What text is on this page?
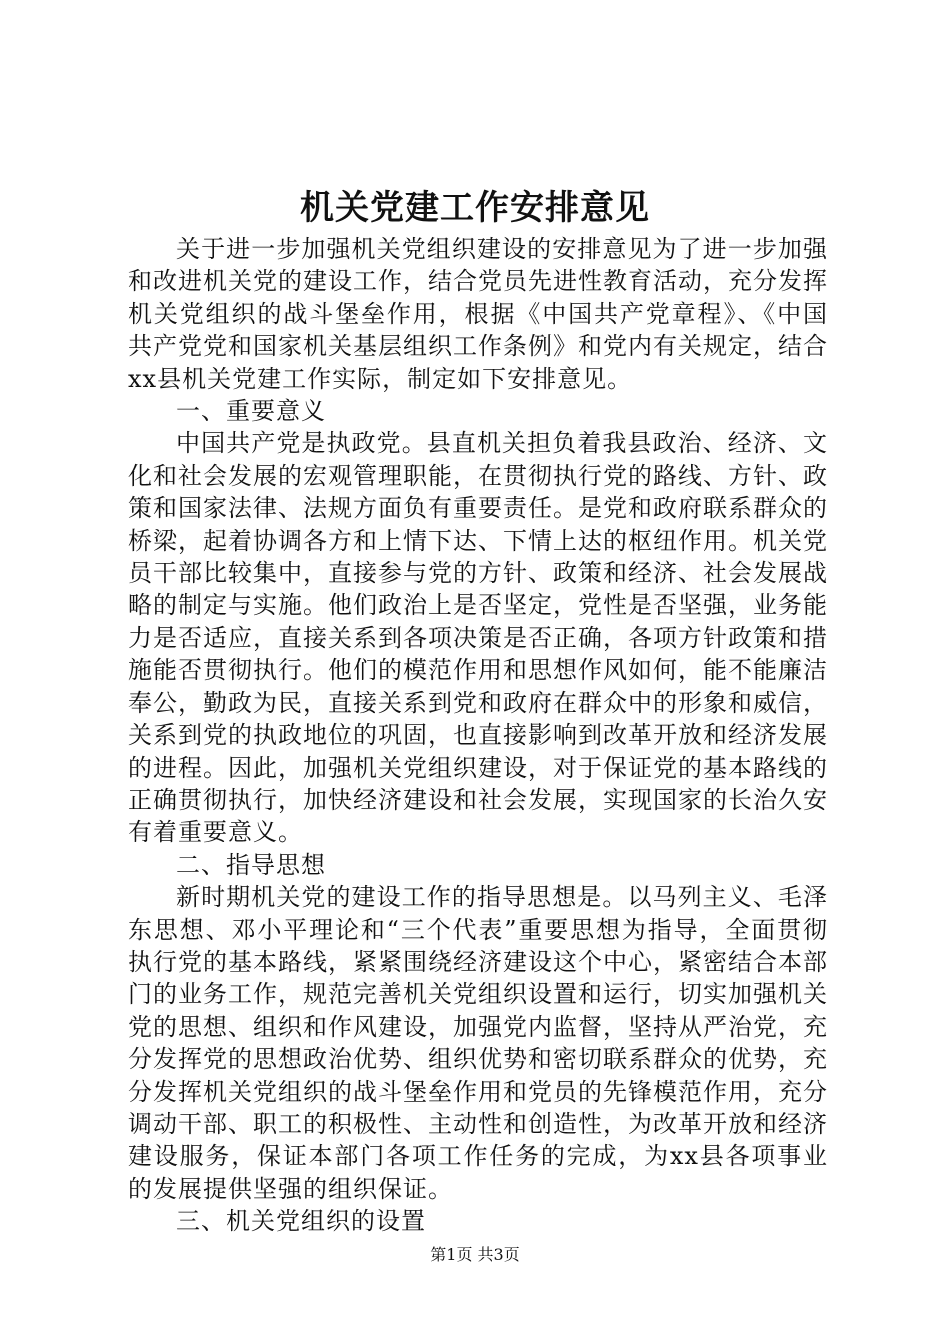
机关党建工作安排意见

关于进一步加强机关党组织建设的安排意见为了进一步加强和改进机关党的建设工作，结合党员先进性教育活动，充分发挥机关党组织的战斗堡垒作用，根据《中国共产党章程》、《中国共产党党和国家机关基层组织工作条例》和党内有关规定，结合xx县机关党建工作实际，制定如下安排意见。

一、重要意义

中国共产党是执政党。县直机关担负着我县政治、经济、文化和社会发展的宏观管理职能，在贯彻执行党的路线、方针、政策和国家法律、法规方面负有重要责任。是党和政府联系群众的桥梁，起着协调各方和上情下达、下情上达的枢纽作用。机关党员干部比较集中，直接参与党的方针、政策和经济、社会发展战略的制定与实施。他们政治上是否坚定，党性是否坚强，业务能力是否适应，直接关系到各项决策是否正确，各项方针政策和措施能否贯彻执行。他们的模范作用和思想作风如何，能不能廉洁奉公，勤政为民，直接关系到党和政府在群众中的形象和威信，关系到党的执政地位的巩固，也直接影响到改革开放和经济发展的进程。因此，加强机关党组织建设，对于保证党的基本路线的正确贯彻执行，加快经济建设和社会发展，实现国家的长治久安有着重要意义。

二、指导思想

新时期机关党的建设工作的指导思想是。以马列主义、毛泽东思想、邓小平理论和“三个代表”重要思想为指导，全面贯彻执行党的基本路线，紧紧围绕经济建设这个中心，紧密结合本部门的业务工作，规范完善机关党组织设置和运行，切实加强机关党的思想、组织和作风建设，加强党内监督，坚持从严治党，充分发挥党的思想政治优势、组织优势和密切联系群众的优势，充分发挥机关党组织的战斗堡垒作用和党员的先锋模范作用，充分调动干部、职工的积极性、主动性和创造性，为改革开放和经济建设服务，保证本部门各项工作任务的完成，为xx县各项事业的发展提供坚强的组织保证。

三、机关党组织的设置

第1页 共3页
